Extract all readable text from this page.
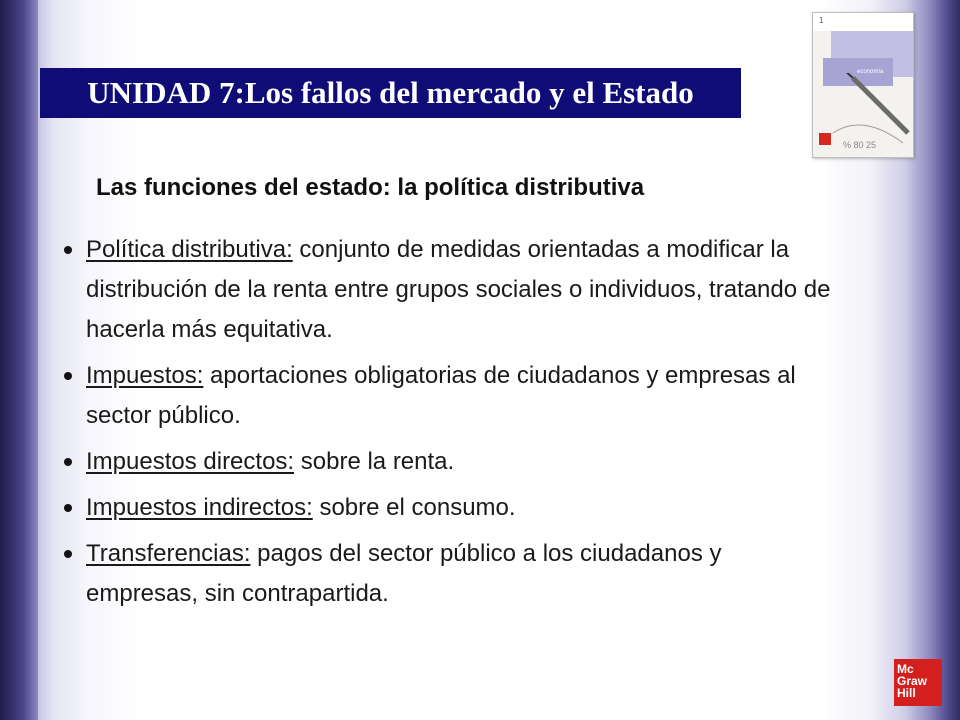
1
economía
% 80 25
UNIDAD 7:Los fallos del mercado y el Estado
Las funciones del estado: la política distributiva
Política distributiva: conjunto de medidas orientadas a modificar la distribución de la renta entre grupos sociales o individuos, tratando de hacerla más equitativa.
Impuestos: aportaciones obligatorias de ciudadanos y empresas al sector público.
Impuestos directos: sobre la renta.
Impuestos indirectos: sobre el consumo.
Transferencias: pagos del sector público a los ciudadanos y empresas, sin contrapartida.
Mc
Graw
Hill
